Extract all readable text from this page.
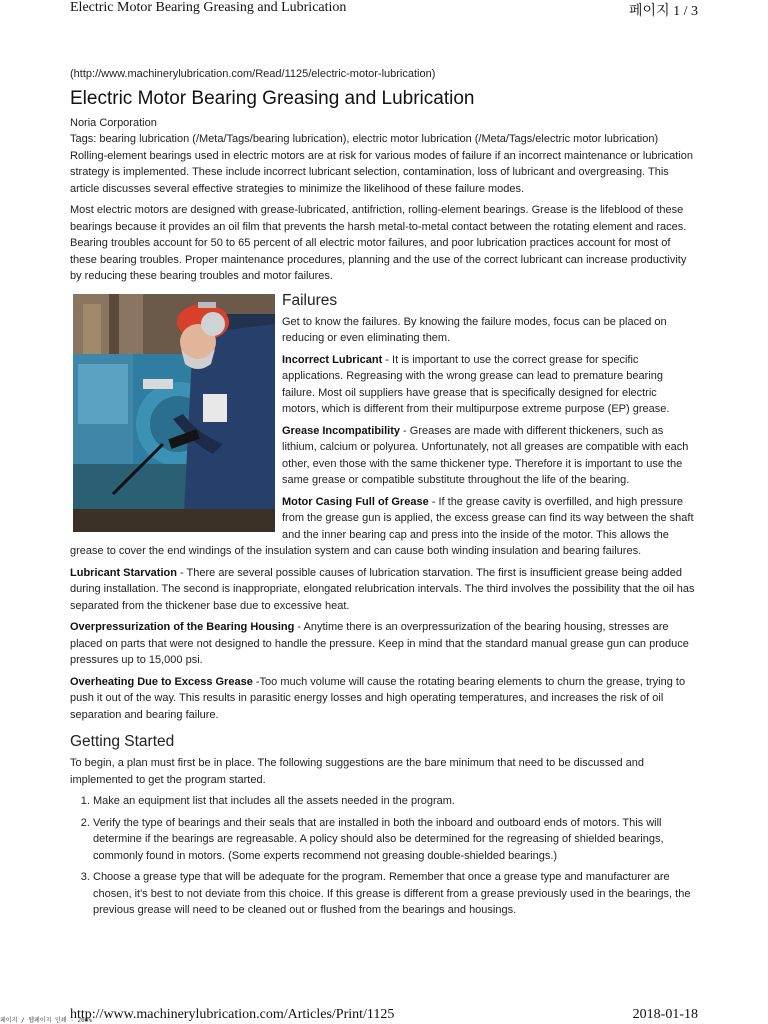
Electric Motor Bearing Greasing and Lubrication	페이지 1 / 3

(http://www.machinerylubrication.com/Read/1125/electric-motor-lubrication)

Electric Motor Bearing Greasing and Lubrication

Noria Corporation

Tags: bearing lubrication (/Meta/Tags/bearing lubrication), electric motor lubrication (/Meta/Tags/electric motor lubrication)

Rolling-element bearings used in electric motors are at risk for various modes of failure if an incorrect maintenance or lubrication strategy is implemented. These include incorrect lubricant selection, contamination, loss of lubricant and overgreasing. This article discusses several effective strategies to minimize the likelihood of these failure modes.

Most electric motors are designed with grease-lubricated, antifriction, rolling-element bearings. Grease is the lifeblood of these bearings because it provides an oil film that prevents the harsh metal-to-metal contact between the rotating element and races. Bearing troubles account for 50 to 65 percent of all electric motor failures, and poor lubrication practices account for most of these bearing troubles. Proper maintenance procedures, planning and the use of the correct lubricant can increase productivity by reducing these bearing troubles and motor failures.

Failures

Get to know the failures. By knowing the failure modes, focus can be placed on reducing or even eliminating them.

Incorrect Lubricant - It is important to use the correct grease for specific applications. Regreasing with the wrong grease can lead to premature bearing failure. Most oil suppliers have grease that is specifically designed for electric motors, which is different from their multipurpose extreme purpose (EP) grease.

Grease Incompatibility - Greases are made with different thickeners, such as lithium, calcium or polyurea. Unfortunately, not all greases are compatible with each other, even those with the same thickener type. Therefore it is important to use the same grease or compatible substitute throughout the life of the bearing.

Motor Casing Full of Grease - If the grease cavity is overfilled, and high pressure from the grease gun is applied, the excess grease can find its way between the shaft and the inner bearing cap and press into the inside of the motor. This allows the grease to cover the end windings of the insulation system and can cause both winding insulation and bearing failures.

Lubricant Starvation - There are several possible causes of lubrication starvation. The first is insufficient grease being added during installation. The second is inappropriate, elongated relubrication intervals. The third involves the possibility that the oil has separated from the thickener base due to excessive heat.

Overpressurization of the Bearing Housing - Anytime there is an overpressurization of the bearing housing, stresses are placed on parts that were not designed to handle the pressure. Keep in mind that the standard manual grease gun can produce pressures up to 15,000 psi.

Overheating Due to Excess Grease -Too much volume will cause the rotating bearing elements to churn the grease, trying to push it out of the way. This results in parasitic energy losses and high operating temperatures, and increases the risk of oil separation and bearing failure.

Getting Started

To begin, a plan must first be in place. The following suggestions are the bare minimum that need to be discussed and implemented to get the program started.

1. Make an equipment list that includes all the assets needed in the program.
2. Verify the type of bearings and their seals that are installed in both the inboard and outboard ends of motors. This will determine if the bearings are regreasable. A policy should also be determined for the regreasing of shielded bearings, commonly found in motors. (Some experts recommend not greasing double-shielded bearings.)
3. Choose a grease type that will be adequate for the program. Remember that once a grease type and manufacturer are chosen, it's best to not deviate from this choice. If this grease is different from a grease previously used in the bearings, the previous grease will need to be cleaned out or flushed from the bearings and housings.
http://www.machinerylubrication.com/Articles/Print/1125	2018-01-18
페이지 / 웹페이지 인쇄 · 200%
